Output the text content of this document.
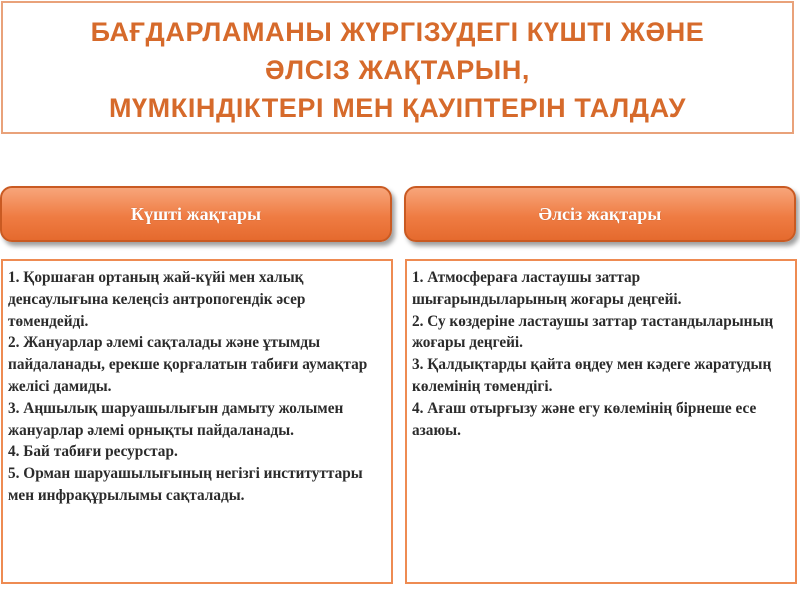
БАҒДАРЛАМАНЫ ЖҮРГІЗУДЕГІ КҮШТІ ЖӘНЕ
ӘЛСІЗ ЖАҚТАРЫН,
МҮМКІНДІКТЕРІ МЕН ҚАУІПТЕРІН ТАЛДАУ
Күшті жақтары	Әлсіз жақтары

1. Қоршаған ортаның жай-күйі мен халық денсаулығына келеңсіз антропогендік әсер төмендейді.

2. Жануарлар әлемі сақталады және ұтымды пайдаланады, ерекше қорғалатын табиғи аумақтар желісі дамиды.

3. Аңшылық шаруашылығын дамыту жолымен жануарлар әлемі орнықты пайдаланады.

4. Бай табиғи ресурстар.

5. Орман шаруашылығының негізгі институттары мен инфрақұрылымы сақталады.

1. Атмосфераға ластаушы заттар шығарындыларының жоғары деңгейі.

2. Су көздеріне ластаушы заттар тастандыларының жоғары деңгейі.

3. Қалдықтарды қайта өңдеу мен кәдеге жаратудың көлемінің төмендігі.

4. Ағаш отырғызу және егу көлемінің бірнеше есе азаюы.
